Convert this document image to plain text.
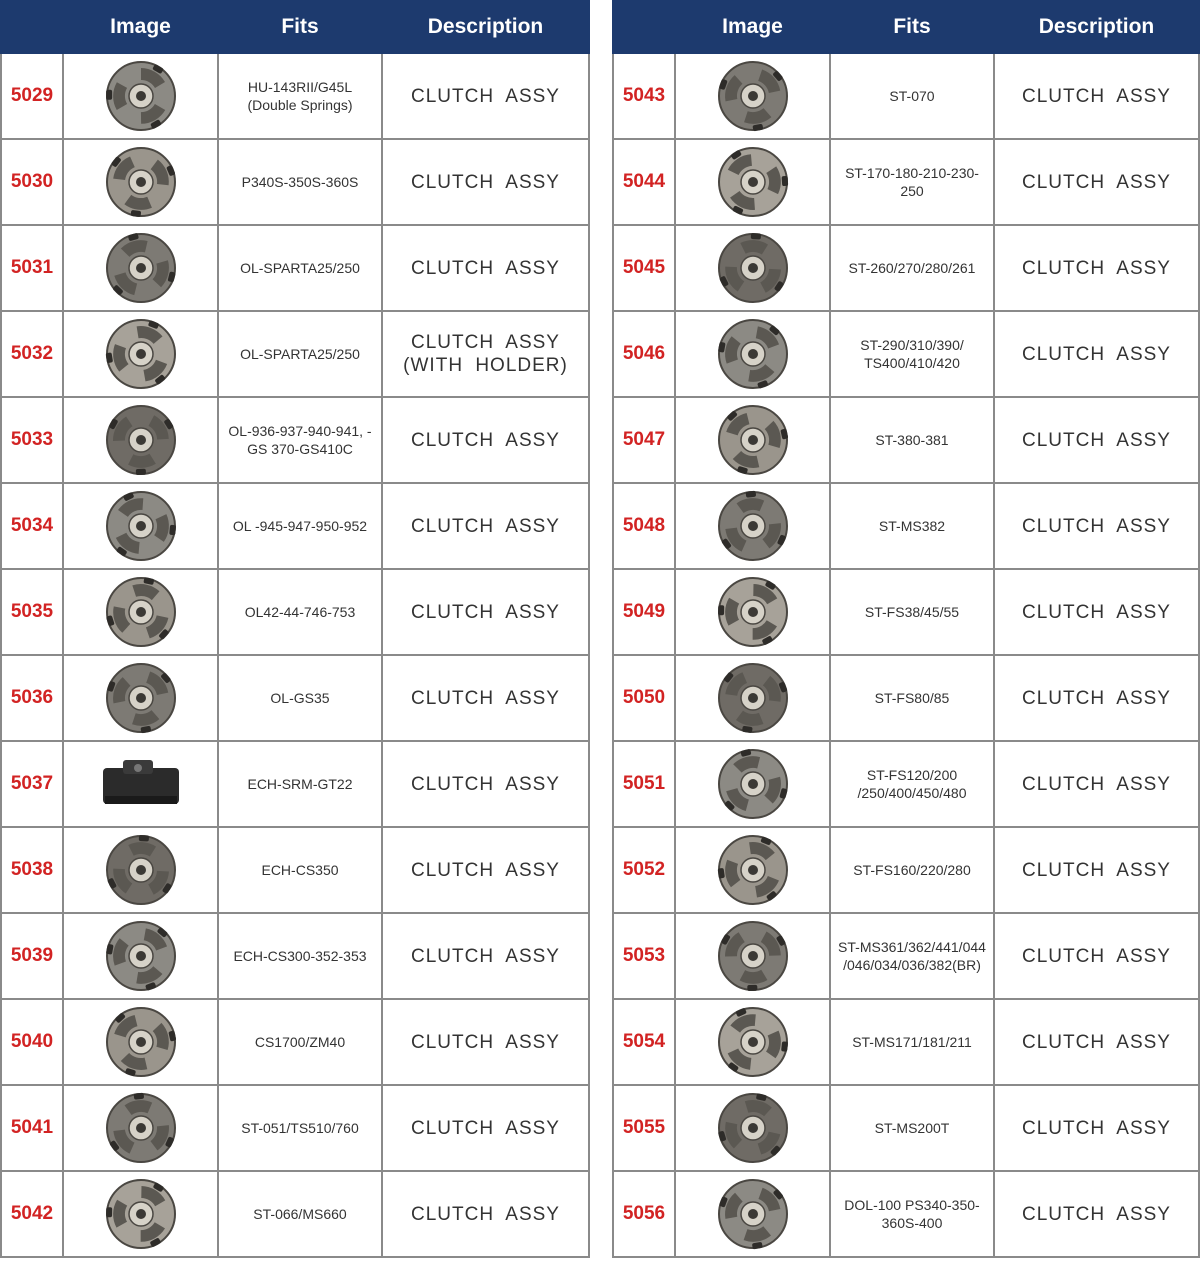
	Image	Fits	Description
5029		HU-143RII/G45L
(Double Springs)	CLUTCH ASSY
5030		P340S-350S-360S	CLUTCH ASSY
5031		OL-SPARTA25/250	CLUTCH ASSY
5032		OL-SPARTA25/250	CLUTCH ASSY
(WITH HOLDER)
5033		OL-936-937-940-941, -
GS 370-GS410C	CLUTCH ASSY
5034		OL -945-947-950-952	CLUTCH ASSY
5035		OL42-44-746-753	CLUTCH ASSY
5036		OL-GS35	CLUTCH ASSY
5037		ECH-SRM-GT22	CLUTCH ASSY
5038		ECH-CS350	CLUTCH ASSY
5039		ECH-CS300-352-353	CLUTCH ASSY
5040		CS1700/ZM40	CLUTCH ASSY
5041		ST-051/TS510/760	CLUTCH ASSY
5042		ST-066/MS660	CLUTCH ASSY
	Image	Fits	Description
5043		ST-070	CLUTCH ASSY
5044		ST-170-180-210-230-
250	CLUTCH ASSY
5045		ST-260/270/280/261	CLUTCH ASSY
5046		ST-290/310/390/
TS400/410/420	CLUTCH ASSY
5047		ST-380-381	CLUTCH ASSY
5048		ST-MS382	CLUTCH ASSY
5049		ST-FS38/45/55	CLUTCH ASSY
5050		ST-FS80/85	CLUTCH ASSY
5051		ST-FS120/200
/250/400/450/480	CLUTCH ASSY
5052		ST-FS160/220/280	CLUTCH ASSY
5053		ST-MS361/362/441/044
/046/034/036/382(BR)	CLUTCH ASSY
5054		ST-MS171/181/211	CLUTCH ASSY
5055		ST-MS200T	CLUTCH ASSY
5056		DOL-100 PS340-350-
360S-400	CLUTCH ASSY
